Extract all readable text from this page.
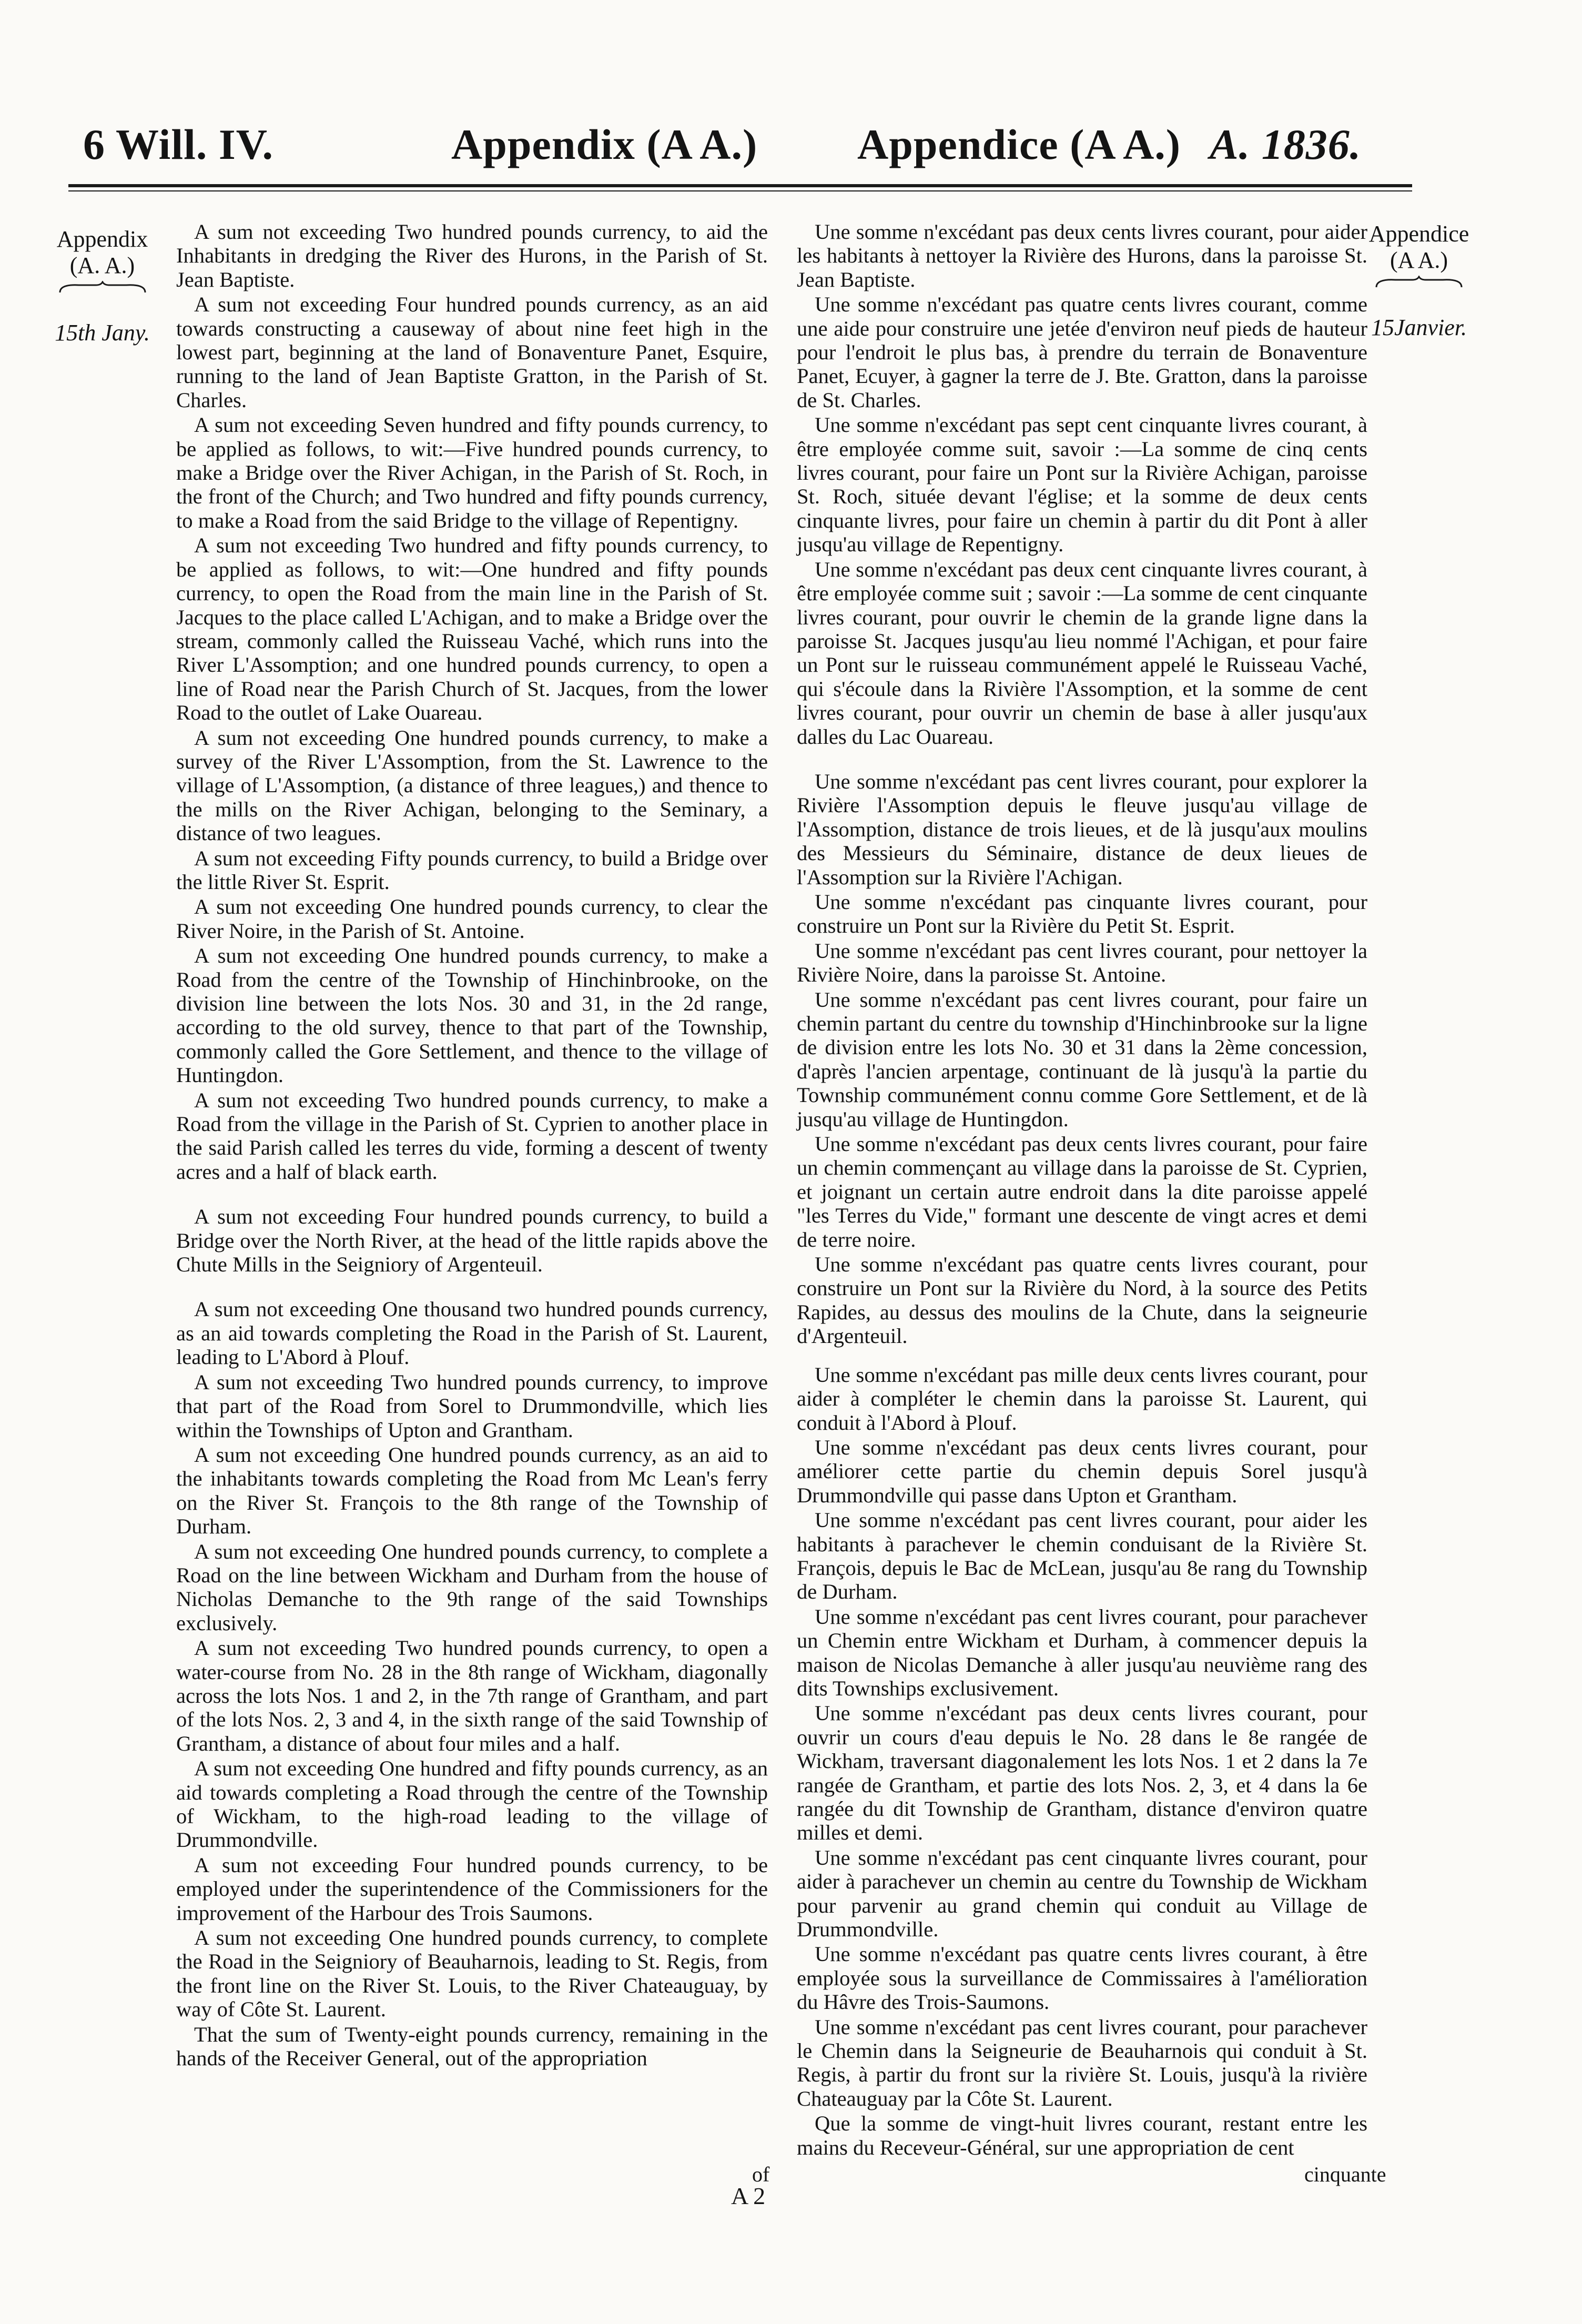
6 Will. IV.	Appendix (A A.) Appendice (A A.) A. 1836.
Appendix
(A. A.)
15th Jany.
Appendice
(A A.)
15Janvier.

A sum not exceeding Two hundred pounds currency, to aid the Inhabitants in dredging the River des Hurons, in the Parish of St. Jean Baptiste.

A sum not exceeding Four hundred pounds currency, as an aid towards constructing a causeway of about nine feet high in the lowest part, beginning at the land of Bonaventure Panet, Esquire, running to the land of Jean Baptiste Gratton, in the Parish of St. Charles.

A sum not exceeding Seven hundred and fifty pounds currency, to be applied as follows, to wit:—Five hundred pounds currency, to make a Bridge over the River Achigan, in the Parish of St. Roch, in the front of the Church; and Two hundred and fifty pounds currency, to make a Road from the said Bridge to the village of Repentigny.

A sum not exceeding Two hundred and fifty pounds currency, to be applied as follows, to wit:—One hundred and fifty pounds currency, to open the Road from the main line in the Parish of St. Jacques to the place called L'Achigan, and to make a Bridge over the stream, commonly called the Ruisseau Vaché, which runs into the River L'Assomption; and one hundred pounds currency, to open a line of Road near the Parish Church of St. Jacques, from the lower Road to the outlet of Lake Ouareau.

A sum not exceeding One hundred pounds currency, to make a survey of the River L'Assomption, from the St. Lawrence to the village of L'Assomption, (a distance of three leagues,) and thence to the mills on the River Achigan, belonging to the Seminary, a distance of two leagues.

A sum not exceeding Fifty pounds currency, to build a Bridge over the little River St. Esprit.

A sum not exceeding One hundred pounds currency, to clear the River Noire, in the Parish of St. Antoine.

A sum not exceeding One hundred pounds currency, to make a Road from the centre of the Township of Hinchinbrooke, on the division line between the lots Nos. 30 and 31, in the 2d range, according to the old survey, thence to that part of the Township, commonly called the Gore Settlement, and thence to the village of Huntingdon.

A sum not exceeding Two hundred pounds currency, to make a Road from the village in the Parish of St. Cyprien to another place in the said Parish called les terres du vide, forming a descent of twenty acres and a half of black earth.

A sum not exceeding Four hundred pounds currency, to build a Bridge over the North River, at the head of the little rapids above the Chute Mills in the Seigniory of Argenteuil.

A sum not exceeding One thousand two hundred pounds currency, as an aid towards completing the Road in the Parish of St. Laurent, leading to L'Abord à Plouf.

A sum not exceeding Two hundred pounds currency, to improve that part of the Road from Sorel to Drummondville, which lies within the Townships of Upton and Grantham.

A sum not exceeding One hundred pounds currency, as an aid to the inhabitants towards completing the Road from Mc Lean's ferry on the River St. François to the 8th range of the Township of Durham.

A sum not exceeding One hundred pounds currency, to complete a Road on the line between Wickham and Durham from the house of Nicholas Demanche to the 9th range of the said Townships exclusively.

A sum not exceeding Two hundred pounds currency, to open a water-course from No. 28 in the 8th range of Wickham, diagonally across the lots Nos. 1 and 2, in the 7th range of Grantham, and part of the lots Nos. 2, 3 and 4, in the sixth range of the said Township of Grantham, a distance of about four miles and a half.

A sum not exceeding One hundred and fifty pounds currency, as an aid towards completing a Road through the centre of the Township of Wickham, to the high-road leading to the village of Drummondville.

A sum not exceeding Four hundred pounds currency, to be employed under the superintendence of the Commissioners for the improvement of the Harbour des Trois Saumons.

A sum not exceeding One hundred pounds currency, to complete the Road in the Seigniory of Beauharnois, leading to St. Regis, from the front line on the River St. Louis, to the River Chateauguay, by way of Côte St. Laurent.

That the sum of Twenty-eight pounds currency, remaining in the hands of the Receiver General, out of the appropriation

Une somme n'excédant pas deux cents livres courant, pour aider les habitants à nettoyer la Rivière des Hurons, dans la paroisse St. Jean Baptiste.

Une somme n'excédant pas quatre cents livres courant, comme une aide pour construire une jetée d'environ neuf pieds de hauteur pour l'endroit le plus bas, à prendre du terrain de Bonaventure Panet, Ecuyer, à gagner la terre de J. Bte. Gratton, dans la paroisse de St. Charles.

Une somme n'excédant pas sept cent cinquante livres courant, à être employée comme suit, savoir :—La somme de cinq cents livres courant, pour faire un Pont sur la Rivière Achigan, paroisse St. Roch, située devant l'église; et la somme de deux cents cinquante livres, pour faire un chemin à partir du dit Pont à aller jusqu'au village de Repentigny.

Une somme n'excédant pas deux cent cinquante livres courant, à être employée comme suit ; savoir :—La somme de cent cinquante livres courant, pour ouvrir le chemin de la grande ligne dans la paroisse St. Jacques jusqu'au lieu nommé l'Achigan, et pour faire un Pont sur le ruisseau communément appelé le Ruisseau Vaché, qui s'écoule dans la Rivière l'Assomption, et la somme de cent livres courant, pour ouvrir un chemin de base à aller jusqu'aux dalles du Lac Ouareau.

Une somme n'excédant pas cent livres courant, pour explorer la Rivière l'Assomption depuis le fleuve jusqu'au village de l'Assomption, distance de trois lieues, et de là jusqu'aux moulins des Messieurs du Séminaire, distance de deux lieues de l'Assomption sur la Rivière l'Achigan.

Une somme n'excédant pas cinquante livres courant, pour construire un Pont sur la Rivière du Petit St. Esprit.

Une somme n'excédant pas cent livres courant, pour nettoyer la Rivière Noire, dans la paroisse St. Antoine.

Une somme n'excédant pas cent livres courant, pour faire un chemin partant du centre du township d'Hinchinbrooke sur la ligne de division entre les lots No. 30 et 31 dans la 2ème concession, d'après l'ancien arpentage, continuant de là jusqu'à la partie du Township communément connu comme Gore Settlement, et de là jusqu'au village de Huntingdon.

Une somme n'excédant pas deux cents livres courant, pour faire un chemin commençant au village dans la paroisse de St. Cyprien, et joignant un certain autre endroit dans la dite paroisse appelé "les Terres du Vide," formant une descente de vingt acres et demi de terre noire.

Une somme n'excédant pas quatre cents livres courant, pour construire un Pont sur la Rivière du Nord, à la source des Petits Rapides, au dessus des moulins de la Chute, dans la seigneurie d'Argenteuil.

Une somme n'excédant pas mille deux cents livres courant, pour aider à compléter le chemin dans la paroisse St. Laurent, qui conduit à l'Abord à Plouf.

Une somme n'excédant pas deux cents livres courant, pour améliorer cette partie du chemin depuis Sorel jusqu'à Drummondville qui passe dans Upton et Grantham.

Une somme n'excédant pas cent livres courant, pour aider les habitants à parachever le chemin conduisant de la Rivière St. François, depuis le Bac de McLean, jusqu'au 8e rang du Township de Durham.

Une somme n'excédant pas cent livres courant, pour parachever un Chemin entre Wickham et Durham, à commencer depuis la maison de Nicolas Demanche à aller jusqu'au neuvième rang des dits Townships exclusivement.

Une somme n'excédant pas deux cents livres courant, pour ouvrir un cours d'eau depuis le No. 28 dans le 8e rangée de Wickham, traversant diagonalement les lots Nos. 1 et 2 dans la 7e rangée de Grantham, et partie des lots Nos. 2, 3, et 4 dans la 6e rangée du dit Township de Grantham, distance d'environ quatre milles et demi.

Une somme n'excédant pas cent cinquante livres courant, pour aider à parachever un chemin au centre du Township de Wickham pour parvenir au grand chemin qui conduit au Village de Drummondville.

Une somme n'excédant pas quatre cents livres courant, à être employée sous la surveillance de Commissaires à l'amélioration du Hâvre des Trois-Saumons.

Une somme n'excédant pas cent livres courant, pour parachever le Chemin dans la Seigneurie de Beauharnois qui conduit à St. Regis, à partir du front sur la rivière St. Louis, jusqu'à la rivière Chateauguay par la Côte St. Laurent.

Que la somme de vingt-huit livres courant, restant entre les mains du Receveur-Général, sur une appropriation de cent

of	cinquante
A 2
